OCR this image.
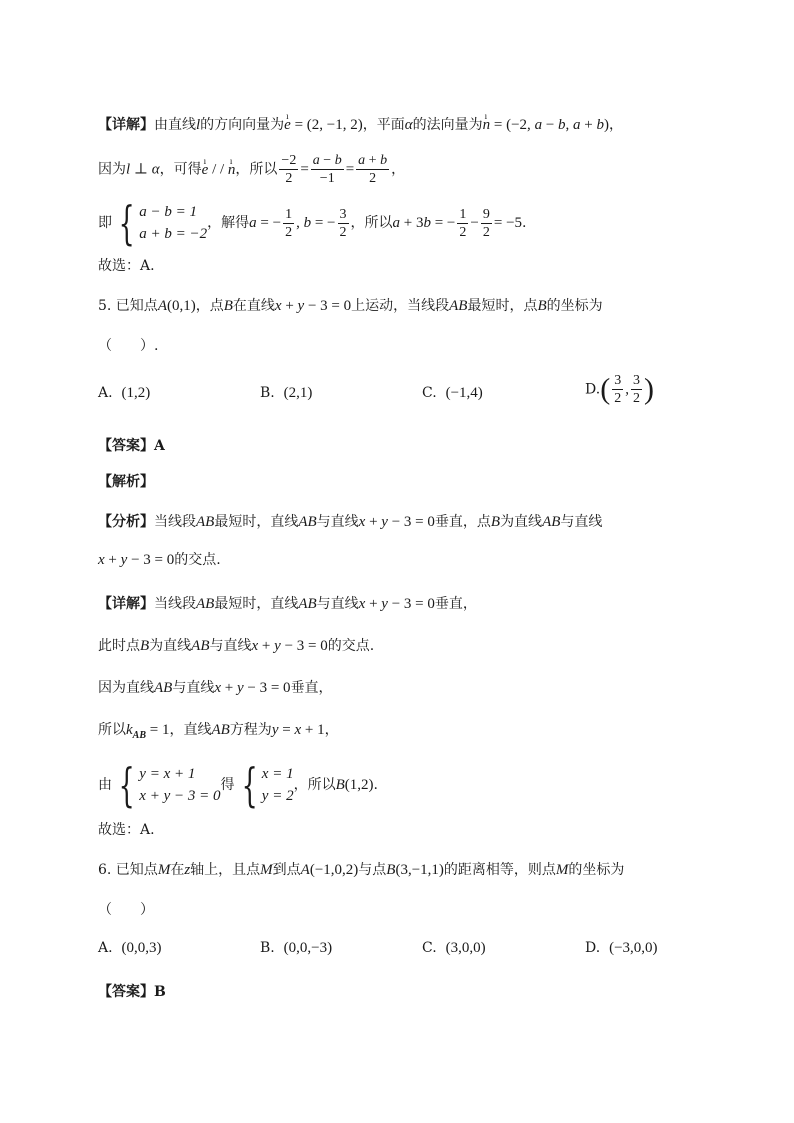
【详解】由直线l的方向向量为ı e = (2, −1, 2)，平面α的法向量为ı n = (−2, a − b, a + b)，
因为l ⊥ α，可得ı e / / ı n，所以 $\frac{-2}{2} = \frac{a - b}{-1} = \frac{a + b}{2}$ ，
即 { a − b = 1
a + b = −2
，解得a = − $\frac{1}{2}$ , b = − $\frac{3}{2}$ ，所以a + 3b = − $\frac{1}{2} - \frac{9}{2} = -5$.
故选：A.
5. 已知点A(0,1)，点B在直线x + y − 3 = 0上运动，当线段AB最短时，点B的坐标为
（　　）.
A. (1,2)	B. (2,1)	C. (−1,4)	$D.( \frac{3}{2}$ , $\frac{3}{2}$ )
【答案】A
【解析】
【分析】当线段AB最短时，直线AB与直线x + y − 3 = 0垂直，点B为直线AB与直线
x + y − 3 = 0的交点.
【详解】当线段AB最短时，直线AB与直线x + y − 3 = 0垂直，
此时点B为直线AB与直线x + y − 3 = 0的交点.
因为直线AB与直线x + y − 3 = 0垂直，
所以$k_{AB} = 1$，直线AB方程为y = x + 1，
由 { y = x + 1
x + y − 3 = 0
得 { x = 1
y = 2
，所以B(1,2).
故选：A.
6. 已知点M在z轴上，且点M到点A(−1,0,2)与点B(3,−1,1)的距离相等，则点M的坐标为
（　　）
A. (0,0,3)	B. (0,0,−3)	C. (3,0,0)	D. (−3,0,0)
【答案】B
